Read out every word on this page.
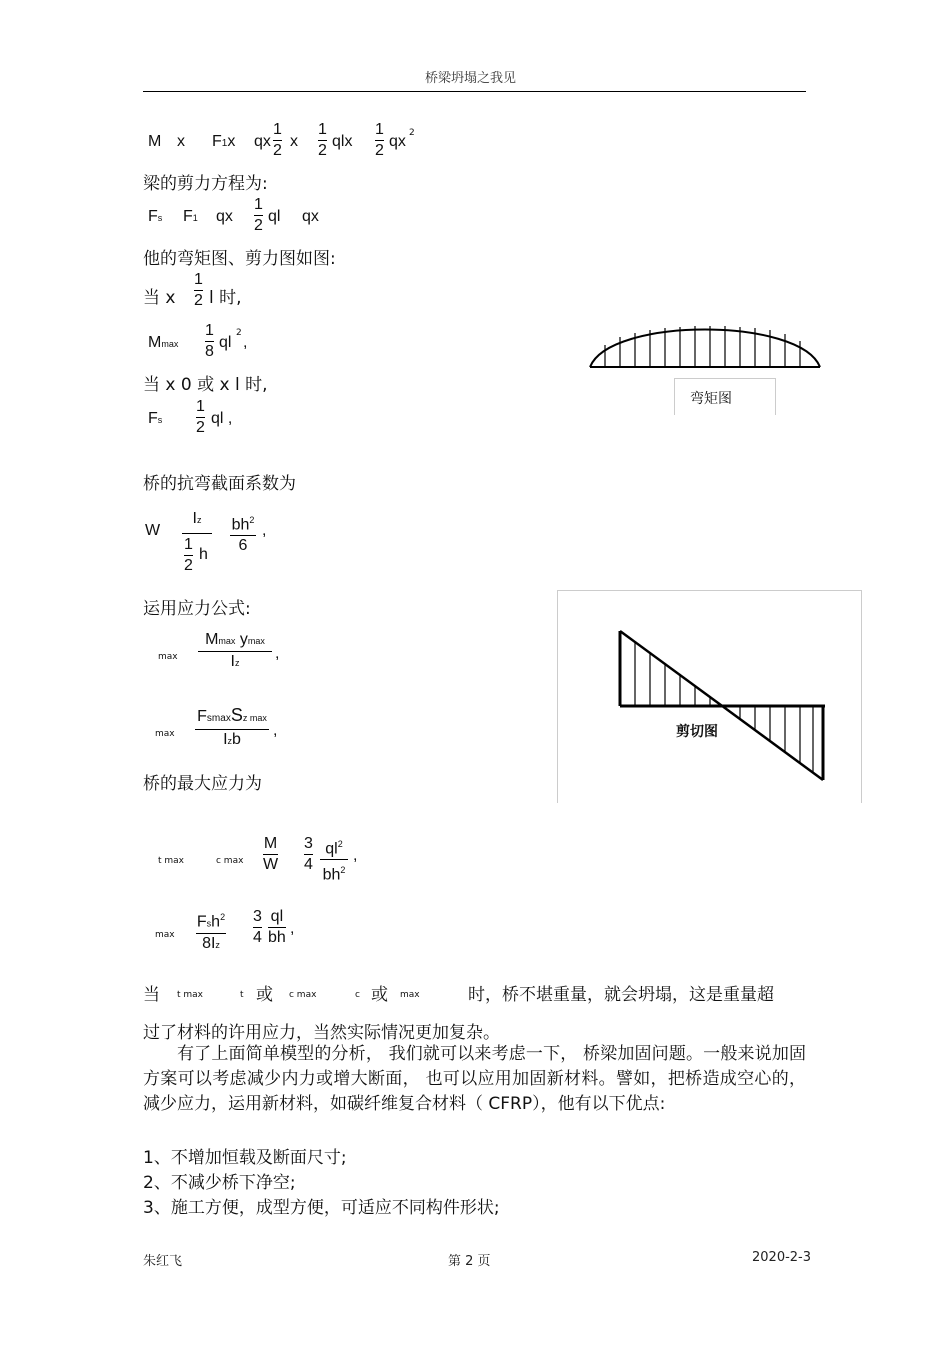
桥梁坍塌之我见
M x F1x qx
1
2
x
1
2
qlx
1
2
qx 2
梁的剪力方程为:
Fs F1 qx
1
2
ql qx
他的弯矩图、剪力图如图:
当 x
1
2 l 时,
Mmax
1
8
ql
2
,
当 x 0 或 x l 时,
Fs
1
2
ql ,
弯矩图
桥的抗弯截面系数为
W
Iz
1
2
h
$bh^2$
6
,
运用应力公式:
max
Mmax ymax
Iz
,
max
FsmaxSz max
Izb
,	剪切图
桥的最大应力为
t max	c max
M
W
3
4
$ql^2$
$bh^2$
,
max
Fsh$^2$
8Iz
3
4
ql
bh
,
当 t max	t 或 c max	c 或 max	时，桥不堪重量，就会坍塌，这是重量超
过了材料的许用应力，当然实际情况更加复杂。
有了上面简单模型的分析， 我们就可以来考虑一下， 桥梁加固问题。一般来说加固方案可以考虑减少内力或增大断面， 也可以应用加固新材料。譬如，把桥造成空心的，减少应力，运用新材料，如碳纤维复合材料（ CFRP），他有以下优点:
1、不增加恒载及断面尺寸;
2、不减少桥下净空;
3、施工方便，成型方便，可适应不同构件形状;
朱红飞	第 2 页	2020-2-3
